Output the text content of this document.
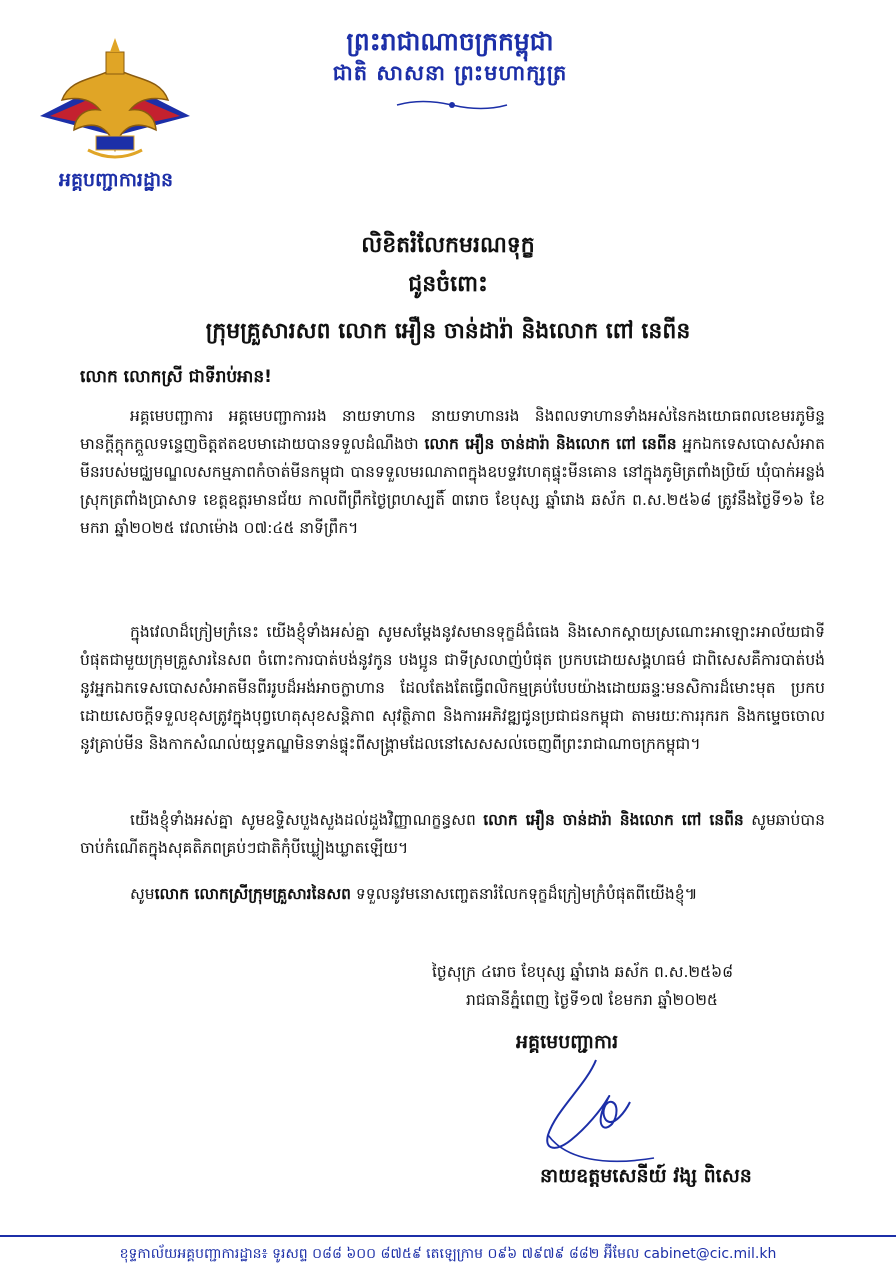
អគ្គបញ្ជាការដ្ឋាន
ព្រះរាជាណាចក្រកម្ពុជា
ជាតិ សាសនា ព្រះមហាក្សត្រ
លិខិតរំលែកមរណទុក្ខ
ជូនចំពោះ
ក្រុមគ្រួសារសព លោក អឿន ចាន់ដារ៉ា និងលោក ពៅ នេពីន
លោក លោកស្រី ជាទីរាប់អាន!

អគ្គមេបញ្ជាការ អគ្គមេបញ្ជាការរង នាយទាហាន នាយទាហានរង និងពលទាហានទាំងអស់នៃកងយោធពលខេមរភូមិន្ទ មានក្តីក្តុកក្តួលទន្ទេញចិត្តឥតឧបមាដោយបានទទួលដំណឹងថា លោក អឿន ចាន់ដារ៉ា និងលោក ពៅ នេពីន អ្នកឯកទេសបោសសំអាតមីនរបស់មជ្ឈមណ្ឌលសកម្មភាពកំចាត់មីនកម្ពុជា បានទទួលមរណភាពក្នុងឧបទ្ទវហេតុផ្ទុះមីនគោន នៅក្នុងភូមិត្រពាំងប្រិយ៍ ឃុំបាក់អន្លង់ ស្រុកត្រពាំងប្រាសាទ ខេត្តឧត្តរមានជ័យ កាលពីព្រឹកថ្ងៃព្រហស្បតិ៍ ៣រោច ខែបុស្ស ឆ្នាំរោង ឆស័ក ព.ស.២៥៦៨ ត្រូវនឹងថ្ងៃទី១៦ ខែមករា ឆ្នាំ២០២៥ វេលាម៉ោង ០៧:៤៥ នាទីព្រឹក។

ក្នុងវេលាដ៏ក្រៀមក្រំនេះ យើងខ្ញុំទាំងអស់គ្នា សូមសម្តែងនូវសមានទុក្ខដ៏ធំធេង និងសោកស្តាយស្រណោះអាឡោះអាល័យជាទីបំផុតជាមួយក្រុមគ្រួសារនៃសព ចំពោះការបាត់បង់នូវកូន បងប្អូន ជាទីស្រលាញ់បំផុត ប្រកបដោយសង្គហធម៌ ជាពិសេសគឺការបាត់បង់នូវអ្នកឯកទេសបោសសំអាតមីនពីររូបដ៏អង់អាចក្លាហាន ដែលតែងតែធ្វើពលិកម្មគ្រប់បែបយ៉ាងដោយឆន្ទៈមនសិការដ៏មោះមុត ប្រកបដោយសេចក្តីទទួលខុសត្រូវក្នុងបុព្វហេតុសុខសន្តិភាព សុវត្ថិភាព និងការអភិវឌ្ឍជូនប្រជាជនកម្ពុជា តាមរយៈការរុករក និងកម្ទេចចោលនូវគ្រាប់មីន និងកាកសំណល់យុទ្ធភណ្ឌមិនទាន់ផ្ទុះពីសង្គ្រាមដែលនៅសេសសល់ចេញពីព្រះរាជាណាចក្រកម្ពុជា។

យើងខ្ញុំទាំងអស់គ្នា សូមឧទ្ទិសបួងសួងដល់ដួងវិញ្ញាណក្ខន្ធសព លោក អឿន ចាន់ដារ៉ា និងលោក ពៅ នេពីន សូមឆាប់បានចាប់កំណើតក្នុងសុគតិភពគ្រប់ៗជាតិកុំបីឃ្លៀងឃ្លាតឡើយ។

សូមលោក លោកស្រីក្រុមគ្រួសារនៃសព ទទួលនូវមនោសញ្ចេតនារំលែកទុក្ខដ៏ក្រៀមក្រំបំផុតពីយើងខ្ញុំ៕

ថ្ងៃសុក្រ ៤រោច ខែបុស្ស ឆ្នាំរោង ឆស័ក ព.ស.២៥៦៨
រាជធានីភ្នំពេញ ថ្ងៃទី១៧ ខែមករា ឆ្នាំ២០២៥
អគ្គមេបញ្ជាការ
នាយឧត្តមសេនីយ៍ វង្ស ពិសេន
ខុទ្ទកាល័យអគ្គបញ្ជាការដ្ឋាន៖ ទូរសព្ទ ០៨៨ ៦០០ ៨៧៥៩ តេឡេក្រាម ០៩៦ ៧៩៧៩ ៨៨២ អ៊ីមែល cabinet@cic.mil.kh
